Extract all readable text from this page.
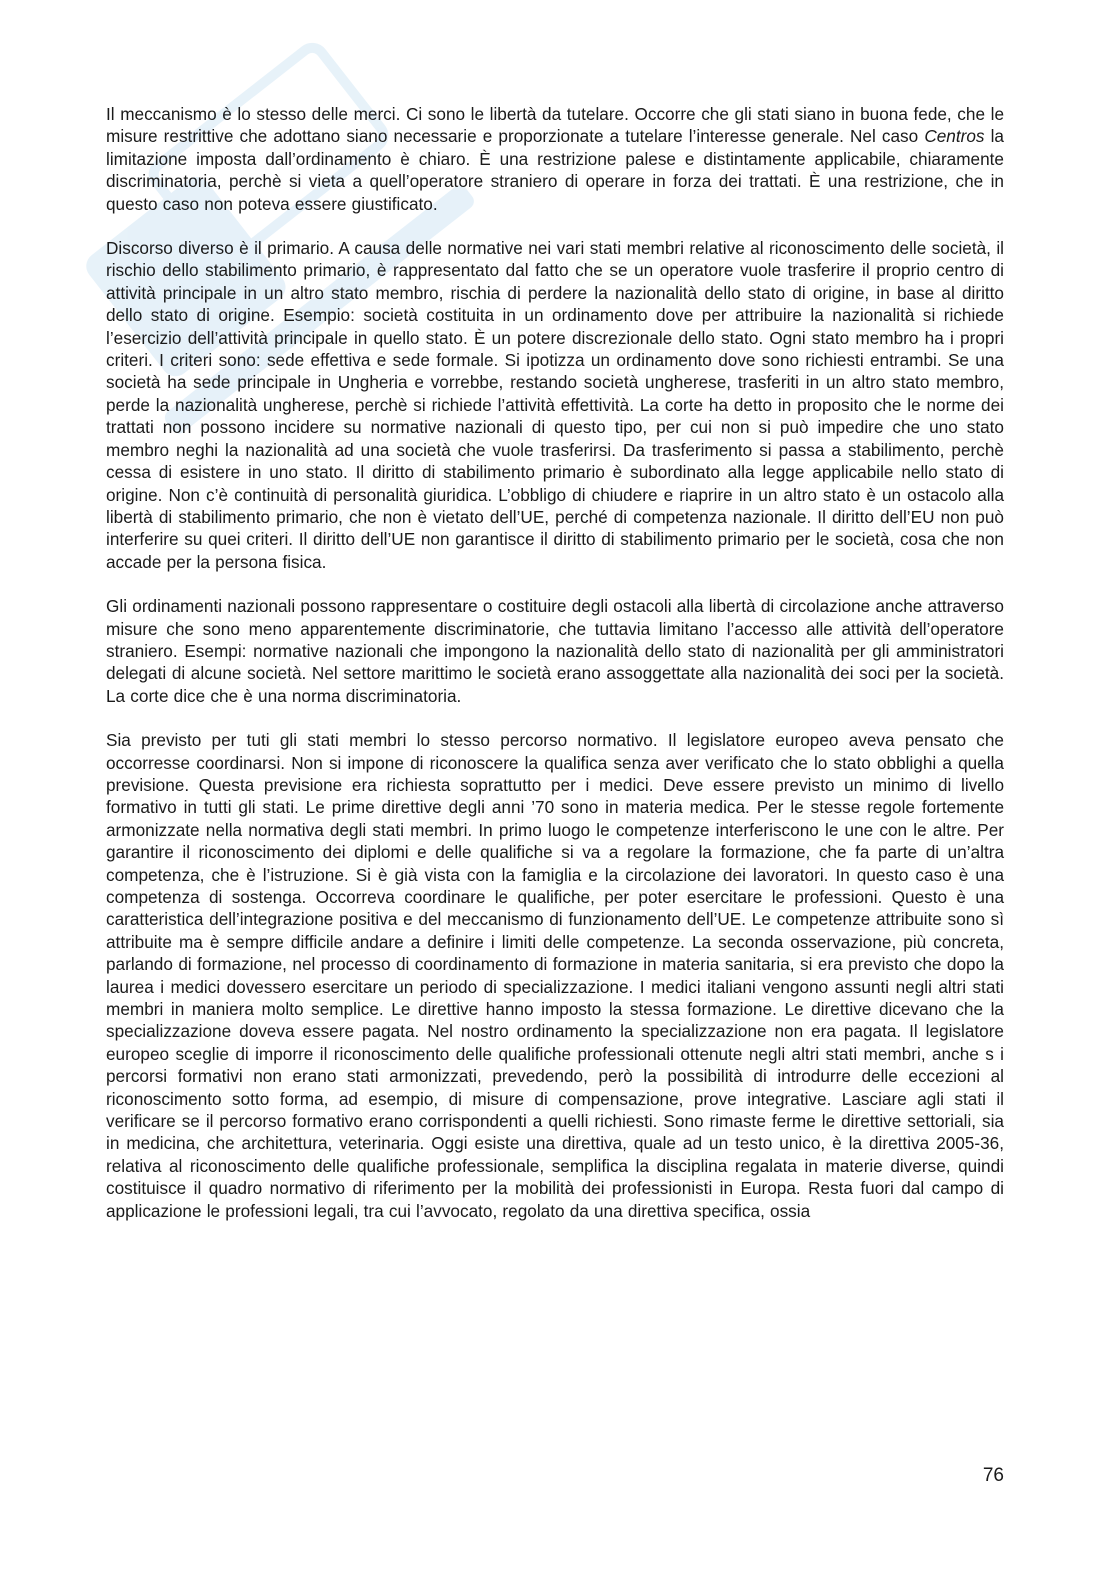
Il meccanismo è lo stesso delle merci. Ci sono le libertà da tutelare. Occorre che gli stati siano in buona fede, che le misure restrittive che adottano siano necessarie e proporzionate a tutelare l’interesse generale. Nel caso Centros la limitazione imposta dall’ordinamento è chiaro. È una restrizione palese e distintamente applicabile, chiaramente discriminatoria, perchè si vieta a quell’operatore straniero di operare in forza dei trattati. È una restrizione, che in questo caso non poteva essere giustificato.

Discorso diverso è il primario. A causa delle normative nei vari stati membri relative al riconoscimento delle società, il rischio dello stabilimento primario, è rappresentato dal fatto che se un operatore vuole trasferire il proprio centro di attività principale in un altro stato membro, rischia di perdere la nazionalità dello stato di origine, in base al diritto dello stato di origine. Esempio: società costituita in un ordinamento dove per attribuire la nazionalità si richiede l’esercizio dell’attività principale in quello stato. È un potere discrezionale dello stato. Ogni stato membro ha i propri criteri. I criteri sono: sede effettiva e sede formale. Si ipotizza un ordinamento dove sono richiesti entrambi. Se una società ha sede principale in Ungheria e vorrebbe, restando società ungherese, trasferiti in un altro stato membro, perde la nazionalità ungherese, perchè si richiede l’attività effettività. La corte ha detto in proposito che le norme dei trattati non possono incidere su normative nazionali di questo tipo, per cui non si può impedire che uno stato membro neghi la nazionalità ad una società che vuole trasferirsi. Da trasferimento si passa a stabilimento, perchè cessa di esistere in uno stato. Il diritto di stabilimento primario è subordinato alla legge applicabile nello stato di origine. Non c’è continuità di personalità giuridica. L’obbligo di chiudere e riaprire in un altro stato è un ostacolo alla libertà di stabilimento primario, che non è vietato dell’UE, perché di competenza nazionale. Il diritto dell’EU non può interferire su quei criteri. Il diritto dell’UE non garantisce il diritto di stabilimento primario per le società, cosa che non accade per la persona fisica.

Gli ordinamenti nazionali possono rappresentare o costituire degli ostacoli alla libertà di circolazione anche attraverso misure che sono meno apparentemente discriminatorie, che tuttavia limitano l’accesso alle attività dell’operatore straniero. Esempi: normative nazionali che impongono la nazionalità dello stato di nazionalità per gli amministratori delegati di alcune società. Nel settore marittimo le società erano assoggettate alla nazionalità dei soci per la società. La corte dice che è una norma discriminatoria.

Sia previsto per tuti gli stati membri lo stesso percorso normativo. Il legislatore europeo aveva pensato che occorresse coordinarsi. Non si impone di riconoscere la qualifica senza aver verificato che lo stato obblighi a quella previsione. Questa previsione era richiesta soprattutto per i medici. Deve essere previsto un minimo di livello formativo in tutti gli stati. Le prime direttive degli anni ’70 sono in materia medica. Per le stesse regole fortemente armonizzate nella normativa degli stati membri. In primo luogo le competenze interferiscono le une con le altre. Per garantire il riconoscimento dei diplomi e delle qualifiche si va a regolare la formazione, che fa parte di un’altra competenza, che è l’istruzione. Si è già vista con la famiglia e la circolazione dei lavoratori. In questo caso è una competenza di sostenga. Occorreva coordinare le qualifiche, per poter esercitare le professioni. Questo è una caratteristica dell’integrazione positiva e del meccanismo di funzionamento dell’UE. Le competenze attribuite sono sì attribuite ma è sempre difficile andare a definire i limiti delle competenze. La seconda osservazione, più concreta, parlando di formazione, nel processo di coordinamento di formazione in materia sanitaria, si era previsto che dopo la laurea i medici dovessero esercitare un periodo di specializzazione. I medici italiani vengono assunti negli altri stati membri in maniera molto semplice. Le direttive hanno imposto la stessa formazione. Le direttive dicevano che la specializzazione doveva essere pagata. Nel nostro ordinamento la specializzazione non era pagata. Il legislatore europeo sceglie di imporre il riconoscimento delle qualifiche professionali ottenute negli altri stati membri, anche s i percorsi formativi non erano stati armonizzati, prevedendo, però la possibilità di introdurre delle eccezioni al riconoscimento sotto forma, ad esempio, di misure di compensazione, prove integrative. Lasciare agli stati il verificare se il percorso formativo erano corrispondenti a quelli richiesti. Sono rimaste ferme le direttive settoriali, sia in medicina, che architettura, veterinaria. Oggi esiste una direttiva, quale ad un testo unico, è la direttiva 2005-36, relativa al riconoscimento delle qualifiche professionale, semplifica la disciplina regalata in materie diverse, quindi costituisce il quadro normativo di riferimento per la mobilità dei professionisti in Europa. Resta fuori dal campo di applicazione le professioni legali, tra cui l’avvocato, regolato da una direttiva specifica, ossia

76
